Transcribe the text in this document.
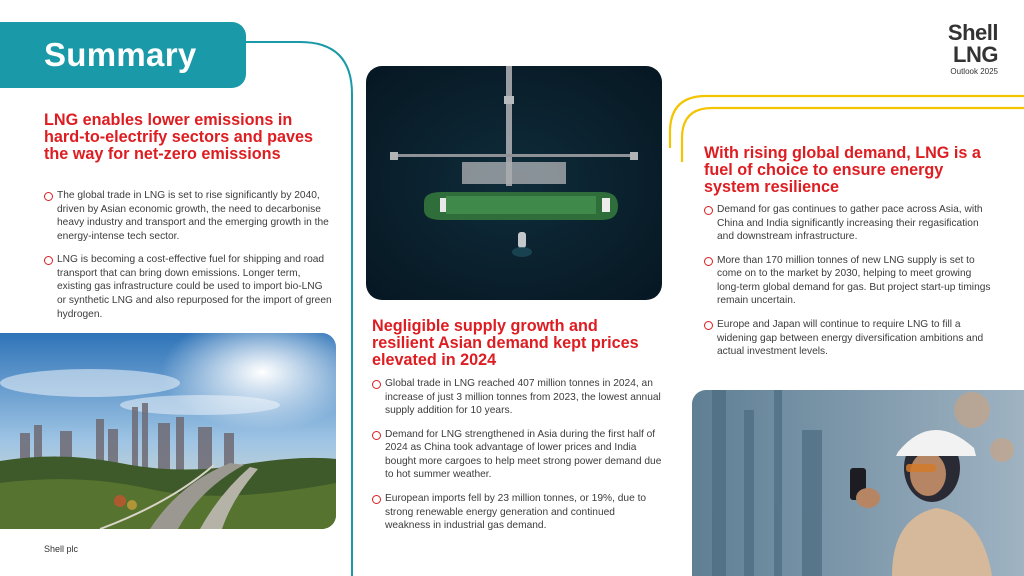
Summary
Shell
LNG
Outlook 2025
LNG enables lower emissions in hard-to-electrify sectors and paves the way for net-zero emissions
The global trade in LNG is set to rise significantly by 2040, driven by Asian economic growth, the need to decarbonise heavy industry and transport and the emerging growth in the energy-intense tech sector.
LNG is becoming a cost-effective fuel for shipping and road transport that can bring down emissions. Longer term, existing gas infrastructure could be used to import bio-LNG or synthetic LNG and also repurposed for the import of green hydrogen.
Negligible supply growth and resilient Asian demand kept prices elevated in 2024
Global trade in LNG reached 407 million tonnes in 2024, an increase of just 3 million tonnes from 2023, the lowest annual supply addition for 10 years.
Demand for LNG strengthened in Asia during the first half of 2024 as China took advantage of lower prices and India bought more cargoes to help meet strong power demand due to hot summer weather.
European imports fell by 23 million tonnes, or 19%, due to strong renewable energy generation and continued weakness in industrial gas demand.
With rising global demand, LNG is a fuel of choice to ensure energy system resilience
Demand for gas continues to gather pace across Asia, with China and India significantly increasing their regasification and downstream infrastructure.
More than 170 million tonnes of new LNG supply is set to come on to the market by 2030, helping to meet growing long-term global demand for gas. But project start-up timings remain uncertain.
Europe and Japan will continue to require LNG to fill a widening gap between energy diversification ambitions and actual investment levels.
Shell plc
